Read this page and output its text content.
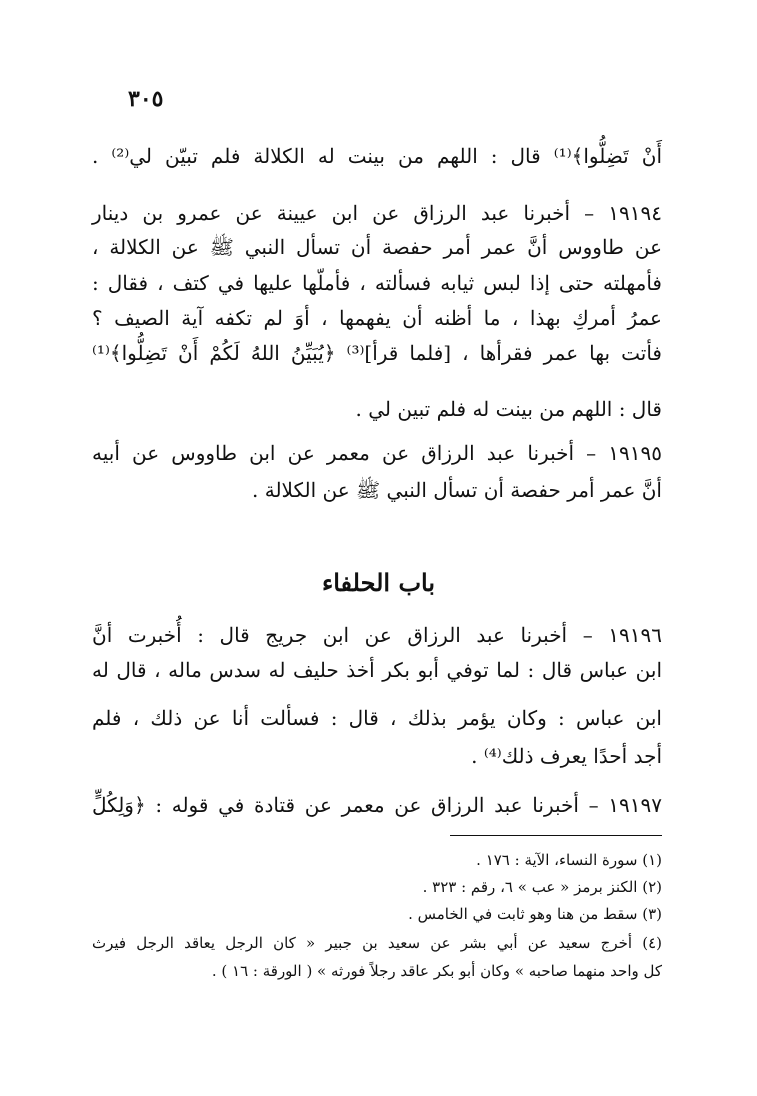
٣٠٥
أَنْ تَضِلُّوا﴾⁽¹⁾ قال : اللهم من بينت له الكلالة فلم تبيّن لي⁽²⁾ .
١٩١٩٤ – أخبرنا عبد الرزاق عن ابن عيينة عن عمرو بن دينار
عن طاووس أنَّ عمر أمر حفصة أن تسأل النبي ﷺ عن الكلالة ،
فأمهلته حتى إذا لبس ثيابه فسألته ، فأملّها عليها في كتف ، فقال :
عمرُ أمركِ بهذا ، ما أظنه أن يفهمها ، أوَ لم تكفه آية الصيف ؟
فأتت بها عمر فقرأها ، [فلما قرأ]⁽³⁾ ﴿يُبَيِّنُ اللهُ لَكُمْ أَنْ تَضِلُّوا﴾⁽¹⁾
قال : اللهم من بينت له فلم تبين لي .
١٩١٩٥ – أخبرنا عبد الرزاق عن معمر عن ابن طاووس عن أبيه
أنَّ عمر أمر حفصة أن تسأل النبي ﷺ عن الكلالة .
باب الحلفاء
١٩١٩٦ – أخبرنا عبد الرزاق عن ابن جريج قال : أُخبرت أنَّ
ابن عباس قال : لما توفي أبو بكر أخذ حليف له سدس ماله ، قال له
ابن عباس : وكان يؤمر بذلك ، قال : فسألت أنا عن ذلك ، فلم
أجد أحدًا يعرف ذلك⁽⁴⁾ .
١٩١٩٧ – أخبرنا عبد الرزاق عن معمر عن قتادة في قوله : ﴿وَلِكُلٍّ
(١) سورة النساء، الآية : ١٧٦ .
(٢) الكنز برمز « عب » ٦، رقم : ٣٢٣ .
(٣) سقط من هنا وهو ثابت في الخامس .
(٤) أخرج سعيد عن أبي بشر عن سعيد بن جبير « كان الرجل يعاقد الرجل فيرث
كل واحد منهما صاحبه » وكان أبو بكر عاقد رجلاً فورثه » ( الورقة : ١٦ ) .
